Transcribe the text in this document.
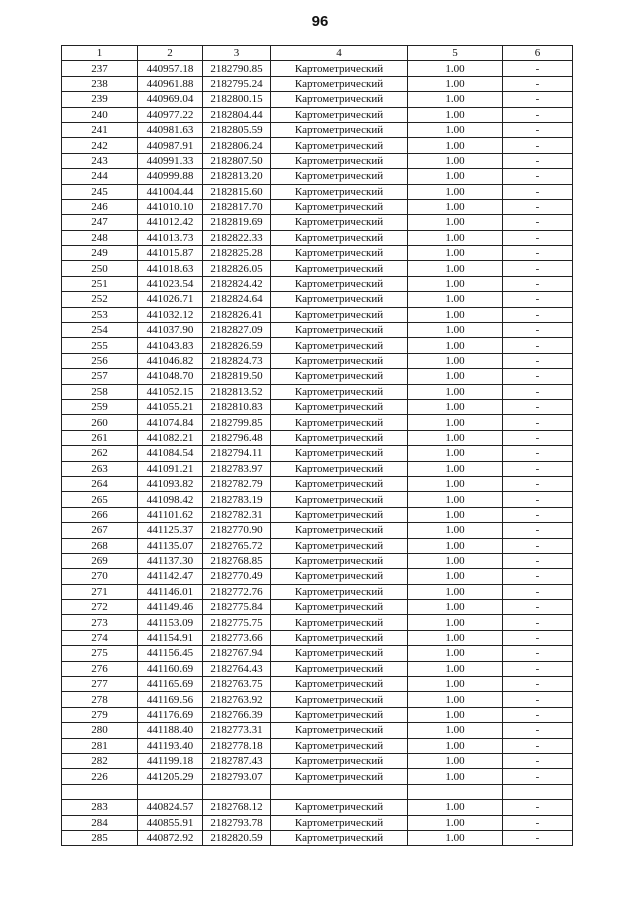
96
1	2	3	4	5	6
237	440957.18	2182790.85	Картометрический	1.00	-
238	440961.88	2182795.24	Картометрический	1.00	-
239	440969.04	2182800.15	Картометрический	1.00	-
240	440977.22	2182804.44	Картометрический	1.00	-
241	440981.63	2182805.59	Картометрический	1.00	-
242	440987.91	2182806.24	Картометрический	1.00	-
243	440991.33	2182807.50	Картометрический	1.00	-
244	440999.88	2182813.20	Картометрический	1.00	-
245	441004.44	2182815.60	Картометрический	1.00	-
246	441010.10	2182817.70	Картометрический	1.00	-
247	441012.42	2182819.69	Картометрический	1.00	-
248	441013.73	2182822.33	Картометрический	1.00	-
249	441015.87	2182825.28	Картометрический	1.00	-
250	441018.63	2182826.05	Картометрический	1.00	-
251	441023.54	2182824.42	Картометрический	1.00	-
252	441026.71	2182824.64	Картометрический	1.00	-
253	441032.12	2182826.41	Картометрический	1.00	-
254	441037.90	2182827.09	Картометрический	1.00	-
255	441043.83	2182826.59	Картометрический	1.00	-
256	441046.82	2182824.73	Картометрический	1.00	-
257	441048.70	2182819.50	Картометрический	1.00	-
258	441052.15	2182813.52	Картометрический	1.00	-
259	441055.21	2182810.83	Картометрический	1.00	-
260	441074.84	2182799.85	Картометрический	1.00	-
261	441082.21	2182796.48	Картометрический	1.00	-
262	441084.54	2182794.11	Картометрический	1.00	-
263	441091.21	2182783.97	Картометрический	1.00	-
264	441093.82	2182782.79	Картометрический	1.00	-
265	441098.42	2182783.19	Картометрический	1.00	-
266	441101.62	2182782.31	Картометрический	1.00	-
267	441125.37	2182770.90	Картометрический	1.00	-
268	441135.07	2182765.72	Картометрический	1.00	-
269	441137.30	2182768.85	Картометрический	1.00	-
270	441142.47	2182770.49	Картометрический	1.00	-
271	441146.01	2182772.76	Картометрический	1.00	-
272	441149.46	2182775.84	Картометрический	1.00	-
273	441153.09	2182775.75	Картометрический	1.00	-
274	441154.91	2182773.66	Картометрический	1.00	-
275	441156.45	2182767.94	Картометрический	1.00	-
276	441160.69	2182764.43	Картометрический	1.00	-
277	441165.69	2182763.75	Картометрический	1.00	-
278	441169.56	2182763.92	Картометрический	1.00	-
279	441176.69	2182766.39	Картометрический	1.00	-
280	441188.40	2182773.31	Картометрический	1.00	-
281	441193.40	2182778.18	Картометрический	1.00	-
282	441199.18	2182787.43	Картометрический	1.00	-
226	441205.29	2182793.07	Картометрический	1.00	-

283	440824.57	2182768.12	Картометрический	1.00	-
284	440855.91	2182793.78	Картометрический	1.00	-
285	440872.92	2182820.59	Картометрический	1.00	-
